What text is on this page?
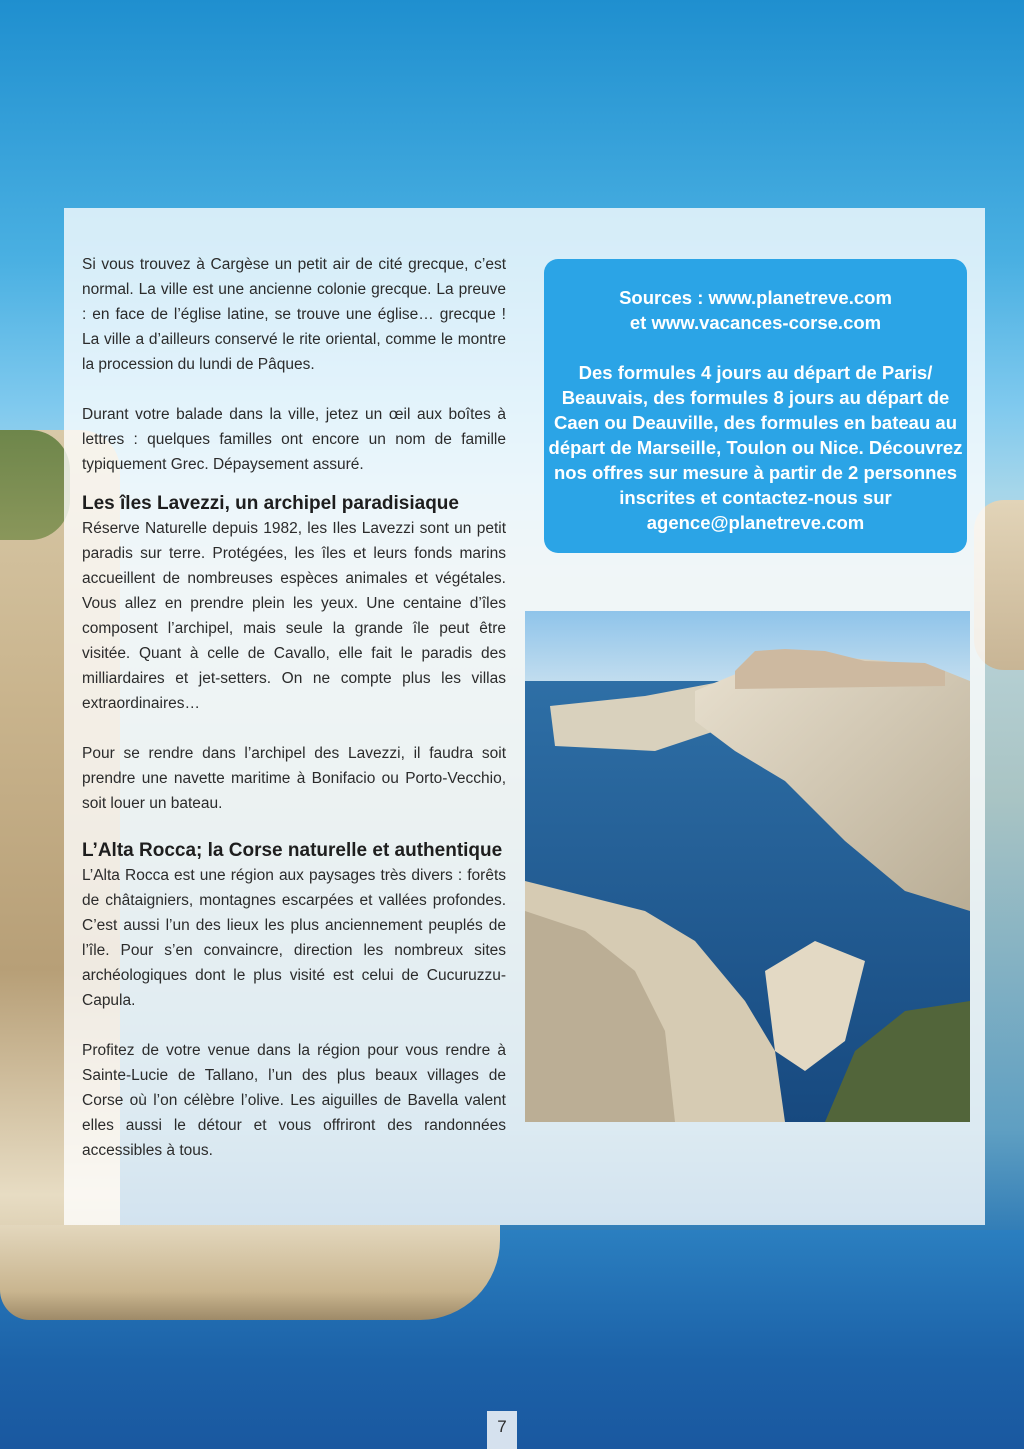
Si vous trouvez à Cargèse un petit air de cité grecque, c’est normal. La ville est une ancienne colonie grecque. La preuve : en face de l’église latine, se trouve une église… grecque ! La ville a d’ailleurs conservé le rite oriental, comme le montre la procession du lundi de Pâques.

Durant votre balade dans la ville, jetez un œil aux boîtes à lettres : quelques familles ont encore un nom de famille typiquement Grec. Dépaysement assuré.

Les îles Lavezzi, un archipel paradisiaque

Réserve Naturelle depuis 1982, les Iles Lavezzi sont un petit paradis sur terre. Protégées, les îles et leurs fonds marins accueillent de nombreuses espèces animales et végétales. Vous allez en prendre plein les yeux. Une centaine d’îles composent l’archipel, mais seule la grande île peut être visitée. Quant à celle de Cavallo, elle fait le paradis des milliardaires et jet-setters. On ne compte plus les villas extraordinaires…

Pour se rendre dans l’archipel des Lavezzi, il faudra soit prendre une navette maritime à Bonifacio ou Porto-Vecchio, soit louer un bateau.

L’Alta Rocca; la Corse naturelle et authentique

L’Alta Rocca est une région aux paysages très divers : forêts de châtaigniers, montagnes escarpées et vallées profondes. C’est aussi l’un des lieux les plus anciennement peuplés de l’île. Pour s’en convaincre, direction les nombreux sites archéologiques dont le plus visité est celui de Cucuruzzu-Capula.

Profitez de votre venue dans la région pour vous rendre à Sainte-Lucie de Tallano, l’un des plus beaux villages de Corse où l’on célèbre l’olive. Les aiguilles de Bavella valent elles aussi le détour et vous offriront des randonnées accessibles à tous.

Sources : www.planetreve.com
et www.vacances-corse.com

Des formules 4 jours au départ de Paris/ Beauvais, des formules 8 jours au départ de Caen ou Deauville, des formules en bateau au départ de Marseille, Toulon ou Nice. Découvrez nos offres sur mesure à partir de 2 personnes inscrites et contactez-nous sur agence@planetreve.com

7
